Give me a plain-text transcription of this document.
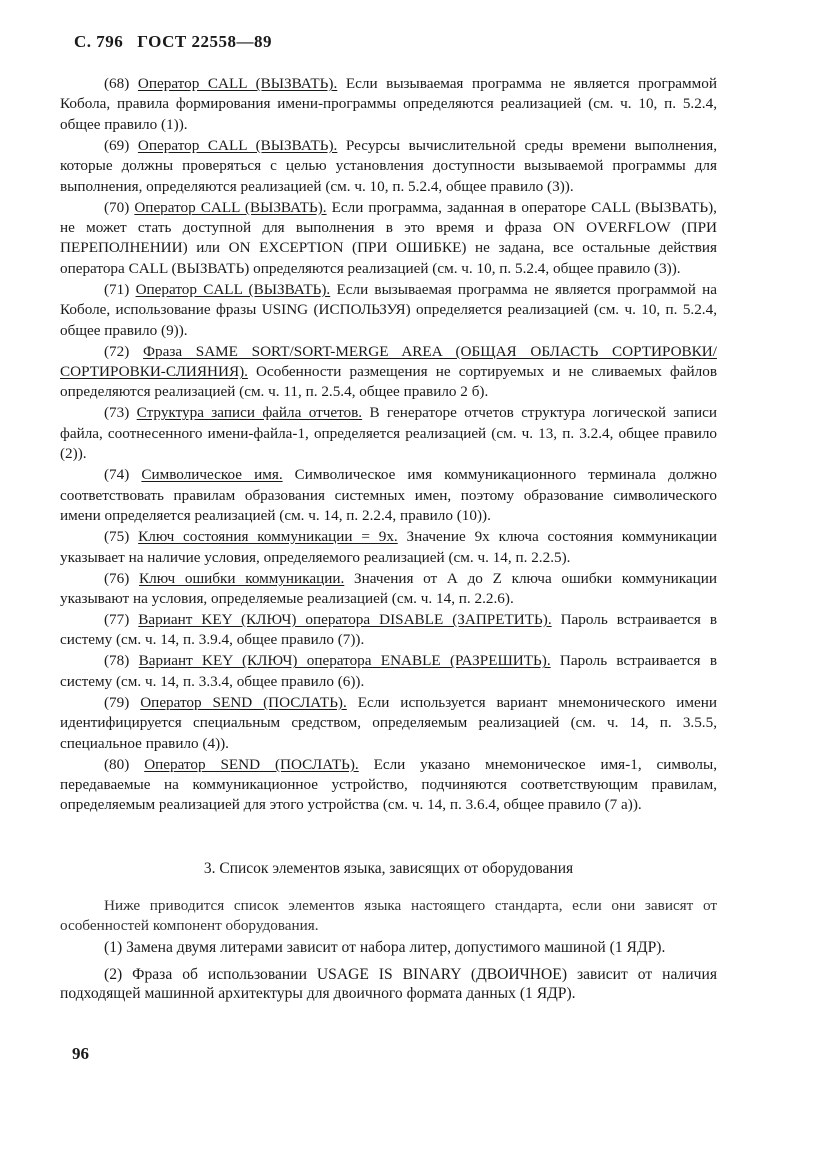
С. 796 ГОСТ 22558—89

(68) Оператор CALL (ВЫЗВАТЬ). Если вызываемая программа не является программой Кобола, правила формирования имени-программы определяются реализацией (см. ч. 10, п. 5.2.4, общее правило (1)).

(69) Оператор CALL (ВЫЗВАТЬ). Ресурсы вычислительной среды времени выполнения, которые должны проверяться с целью установления доступности вызываемой программы для выполнения, определяются реализацией (см. ч. 10, п. 5.2.4, общее правило (3)).

(70) Оператор CALL (ВЫЗВАТЬ). Если программа, заданная в операторе CALL (ВЫЗВАТЬ), не может стать доступной для выполнения в это время и фраза ON OVERFLOW (ПРИ ПЕРЕПОЛНЕНИИ) или ON EXCEPTION (ПРИ ОШИБКЕ) не задана, все остальные действия оператора CALL (ВЫЗВАТЬ) определяются реализацией (см. ч. 10, п. 5.2.4, общее правило (3)).

(71) Оператор CALL (ВЫЗВАТЬ). Если вызываемая программа не является программой на Коболе, использование фразы USING (ИСПОЛЬЗУЯ) определяется реализацией (см. ч. 10, п. 5.2.4, общее правило (9)).

(72) Фраза SAME SORT/SORT-MERGE AREA (ОБЩАЯ ОБЛАСТЬ СОРТИРОВКИ/СОРТИРОВКИ-СЛИЯНИЯ). Особенности размещения не сортируемых и не сливаемых файлов определяются реализацией (см. ч. 11, п. 2.5.4, общее правило 2 б).

(73) Структура записи файла отчетов. В генераторе отчетов структура логической записи файла, соотнесенного имени-файла-1, определяется реализацией (см. ч. 13, п. 3.2.4, общее правило (2)).

(74) Символическое имя. Символическое имя коммуникационного терминала должно соответствовать правилам образования системных имен, поэтому образование символического имени определяется реализацией (см. ч. 14, п. 2.2.4, правило (10)).

(75) Ключ состояния коммуникации = 9х. Значение 9х ключа состояния коммуникации указывает на наличие условия, определяемого реализацией (см. ч. 14, п. 2.2.5).

(76) Ключ ошибки коммуникации. Значения от А до Z ключа ошибки коммуникации указывают на условия, определяемые реализацией (см. ч. 14, п. 2.2.6).

(77) Вариант KEY (КЛЮЧ) оператора DISABLE (ЗАПРЕТИТЬ). Пароль встраивается в систему (см. ч. 14, п. 3.9.4, общее правило (7)).

(78) Вариант KEY (КЛЮЧ) оператора ENABLE (РАЗРЕШИТЬ). Пароль встраивается в систему (см. ч. 14, п. 3.3.4, общее правило (6)).

(79) Оператор SEND (ПОСЛАТЬ). Если используется вариант мнемонического имени идентифицируется специальным средством, определяемым реализацией (см. ч. 14, п. 3.5.5, специальное правило (4)).

(80) Оператор SEND (ПОСЛАТЬ). Если указано мнемоническое имя-1, символы, передаваемые на коммуникационное устройство, подчиняются соответствующим правилам, определяемым реализацией для этого устройства (см. ч. 14, п. 3.6.4, общее правило (7 а)).

3. Список элементов языка, зависящих от оборудования

Ниже приводится список элементов языка настоящего стандарта, если они зависят от особенностей компонент оборудования.

(1) Замена двумя литерами зависит от набора литер, допустимого машиной (1 ЯДР).

(2) Фраза об использовании USAGE IS BINARY (ДВОИЧНОЕ) зависит от наличия подходящей машинной архитектуры для двоичного формата данных (1 ЯДР).

96
